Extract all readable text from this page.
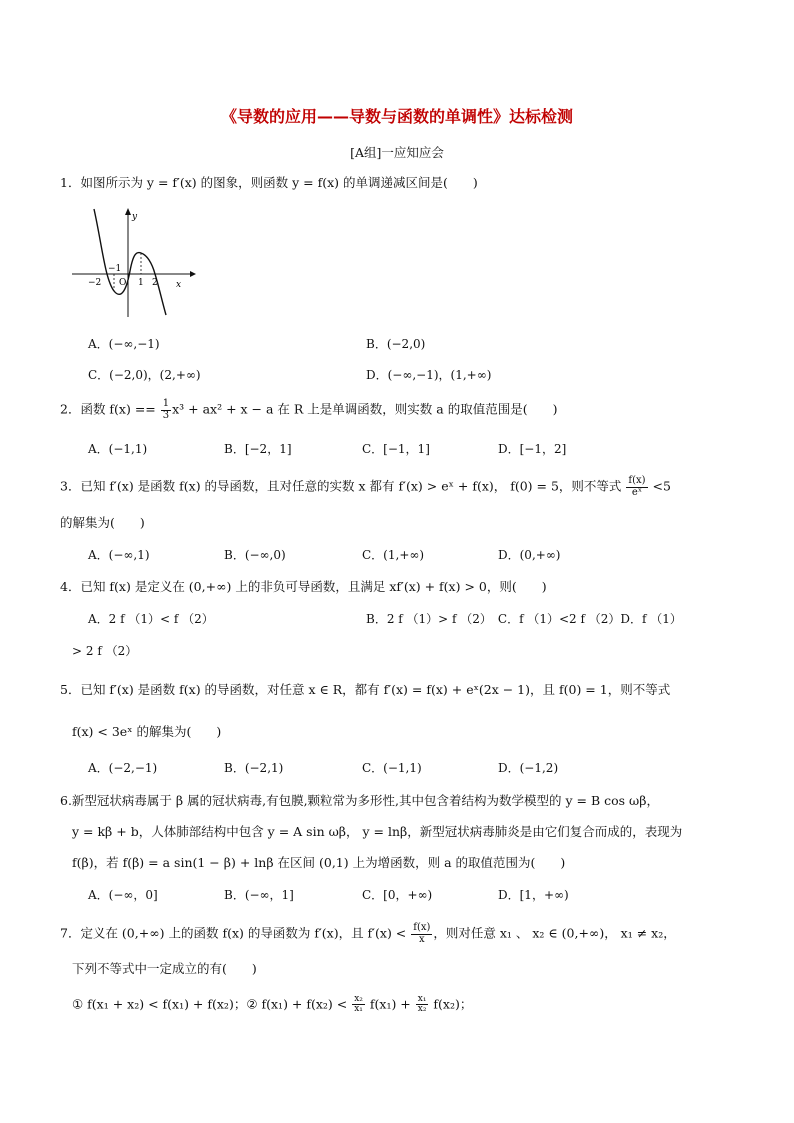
《导数的应用——导数与函数的单调性》达标检测
[A组]一应知应会
1．如图所示为 y = f′(x) 的图象，则函数 y = f(x) 的单调递减区间是(　　)
y
x
−1
−2 O 1 2
A．(−∞,−1)	B．(−2,0)
C．(−2,0)，(2,+∞)	D．(−∞,−1)，(1,+∞)
2．函数 $f(x) == \frac{1}{3} x^3 + ax^2 + x - a$ 在 R 上是单调函数，则实数 a 的取值范围是(　　)
A．(−1,1)	B．[−2，1]	C．[−1，1]	D．[−1，2]
3．已知 f′(x) 是函数 f(x) 的导函数，且对任意的实数 x 都有 f′(x) > eˣ + f(x)， f(0) = 5，则不等式 $\frac{f(x)}{\text{eˣ}} <5$
的解集为(　　)
A．(−∞,1)	B．(−∞,0)	C．(1,+∞)	D．(0,+∞)
4．已知 f(x) 是定义在 (0,+∞) 上的非负可导函数，且满足 xf′(x) + f(x) > 0，则(　　)
A．2 f （1）< f （2）	B．2 f （1）> f （2）　C．f （1）<2 f （2）D．f （1）
> 2 f （2）
5．已知 f′(x) 是函数 f(x) 的导函数，对任意 x ∈ R，都有 f′(x) = f(x) + eˣ(2x − 1)，且 f(0) = 1，则不等式
f(x) < 3eˣ 的解集为(　　)
A．(−2,−1)	B．(−2,1)	C．(−1,1)	D．(−1,2)
6.新型冠状病毒属于 β 属的冠状病毒,有包膜,颗粒常为多形性,其中包含着结构为数学模型的 y = B cos ωβ，
y = kβ + b，人体肺部结构中包含 y = A sin ωβ， y = lnβ，新型冠状病毒肺炎是由它们复合而成的，表现为
f(β)，若 f(β) = a sin(1 − β) + lnβ 在区间 (0,1) 上为增函数，则 a 的取值范围为(　　)
A．(−∞，0]	B．(−∞，1]	C．[0，+∞)	D．[1，+∞)
7．定义在 (0,+∞) 上的函数 f(x) 的导函数为 f′(x)，且 $f'(x) < \frac{f(x)}{x}$ ，则对任意 x₁ 、 x₂ ∈ (0,+∞)， x₁ ≠ x₂，
下列不等式中一定成立的有(　　)
① f(x₁ + x₂) < f(x₁) + f(x₂)；② $f(x_1) + f(x_2) < \frac{\text{x₂}}{\text{x₁}} f(x_1) + \frac{\text{x₁}}{\text{x₂}} f(x_2)$；
